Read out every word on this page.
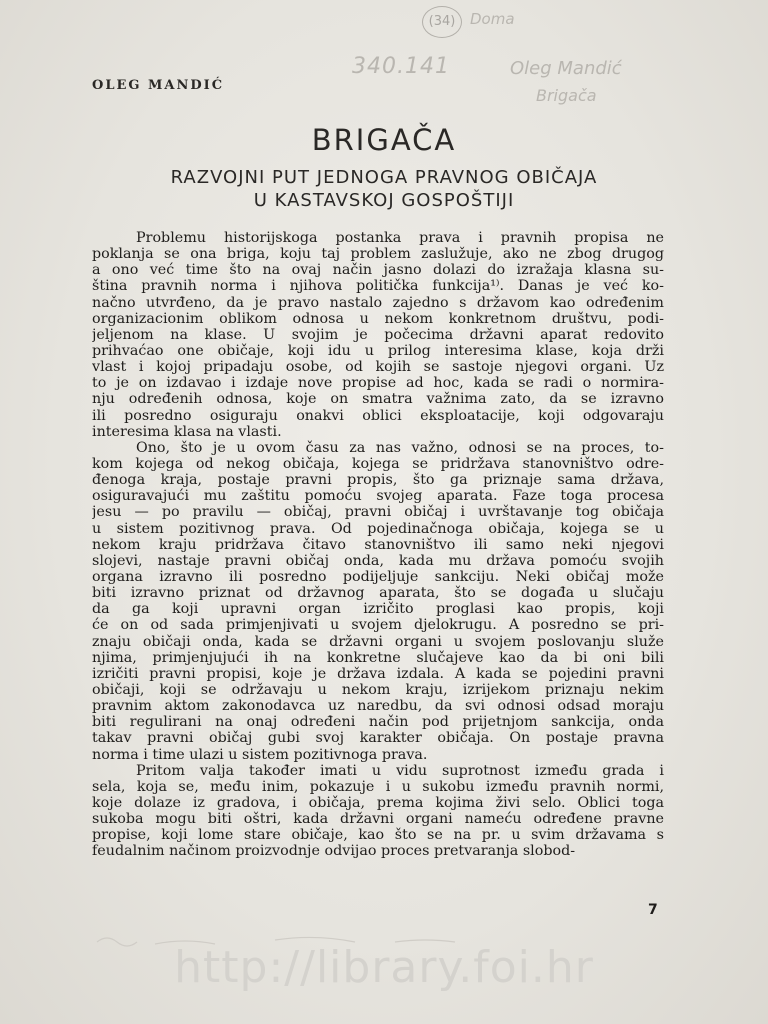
(34) Doma
340.141	Oleg Mandić
Brigača
OLEG MANDIĆ
BRIGAČA
RAZVOJNI PUT JEDNOGA PRAVNOG OBIČAJA
U KASTAVSKOJ GOSPOŠTIJI
Problemu historijskoga postanka prava i pravnih propisa ne
poklanja se ona briga, koju taj problem zaslužuje, ako ne zbog drugog
a ono već time što na ovaj način jasno dolazi do izražaja klasna su-
ština pravnih norma i njihova politička funkcija¹⁾. Danas je već ko-
načno utvrđeno, da je pravo nastalo zajedno s državom kao određenim
organizacionim oblikom odnosa u nekom konkretnom društvu, podi-
jeljenom na klase. U svojim je počecima državni aparat redovito
prihvaćao one običaje, koji idu u prilog interesima klase, koja drži
vlast i kojoj pripadaju osobe, od kojih se sastoje njegovi organi. Uz
to je on izdavao i izdaje nove propise ad hoc, kada se radi o normira-
nju određenih odnosa, koje on smatra važnima zato, da se izravno
ili posredno osiguraju onakvi oblici eksploatacije, koji odgovaraju
interesima klasa na vlasti.
Ono, što je u ovom času za nas važno, odnosi se na proces, to-
kom kojega od nekog običaja, kojega se pridržava stanovništvo odre-
đenoga kraja, postaje pravni propis, što ga priznaje sama država,
osiguravajući mu zaštitu pomoću svojeg aparata. Faze toga procesa
jesu — po pravilu — običaj, pravni običaj i uvrštavanje tog običaja
u sistem pozitivnog prava. Od pojedinačnoga običaja, kojega se u
nekom kraju pridržava čitavo stanovništvo ili samo neki njegovi
slojevi, nastaje pravni običaj onda, kada mu država pomoću svojih
organa izravno ili posredno podijeljuje sankciju. Neki običaj može
biti izravno priznat od državnog aparata, što se događa u slučaju
da ga koji upravni organ izričito proglasi kao propis, koji
će on od sada primjenjivati u svojem djelokrugu. A posredno se pri-
znaju običaji onda, kada se državni organi u svojem poslovanju služe
njima, primjenjujući ih na konkretne slučajeve kao da bi oni bili
izričiti pravni propisi, koje je država izdala. A kada se pojedini pravni
običaji, koji se održavaju u nekom kraju, izrijekom priznaju nekim
pravnim aktom zakonodavca uz naredbu, da svi odnosi odsad moraju
biti regulirani na onaj određeni način pod prijetnjom sankcija, onda
takav pravni običaj gubi svoj karakter običaja. On postaje pravna
norma i time ulazi u sistem pozitivnoga prava.
Pritom valja također imati u vidu suprotnost između grada i
sela, koja se, među inim, pokazuje i u sukobu između pravnih normi,
koje dolaze iz gradova, i običaja, prema kojima živi selo. Oblici toga
sukoba mogu biti oštri, kada državni organi nameću određene pravne
propise, koji lome stare običaje, kao što se na pr. u svim državama s
feudalnim načinom proizvodnje odvijao proces pretvaranja slobod-
7
http://library.foi.hr
